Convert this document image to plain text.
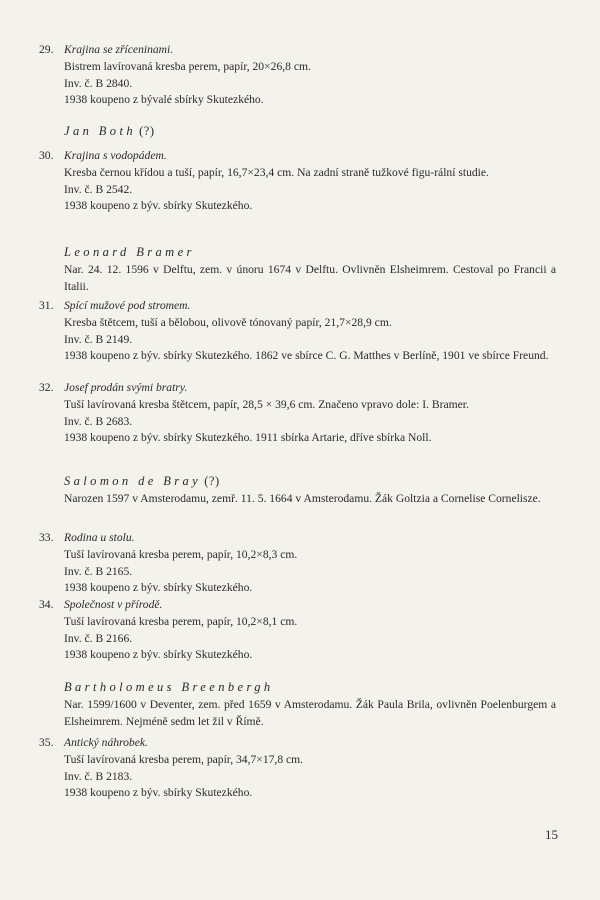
29. Krajina se zříceninami.
Bistrem lavírovaná kresba perem, papír, 20×26,8 cm.
Inv. č. B 2840.
1938 koupeno z bývalé sbírky Skutezkého.
Jan Both (?)
30. Krajina s vodopádem.
Kresba černou křídou a tuší, papír, 16,7×23,4 cm. Na zadní straně tužkové figu-rální studie.
Inv. č. B 2542.
1938 koupeno z býv. sbírky Skutezkého.
Leonard Bramer
Nar. 24. 12. 1596 v Delftu, zem. v únoru 1674 v Delftu. Ovlivněn Elsheimrem. Cestoval po Francii a Italii.
31. Spící mužové pod stromem.
Kresba štětcem, tuší a bělobou, olivově tónovaný papír, 21,7×28,9 cm.
Inv. č. B 2149.
1938 koupeno z býv. sbírky Skutezkého. 1862 ve sbírce C. G. Matthes v Berlíně, 1901 ve sbírce Freund.
32. Josef prodán svými bratry.
Tuší lavírovaná kresba štětcem, papír, 28,5 × 39,6 cm. Značeno vpravo dole: I. Bramer.
Inv. č. B 2683.
1938 koupeno z býv. sbírky Skutezkého. 1911 sbírka Artarie, dříve sbírka Noll.
Salomon de Bray (?)
Narozen 1597 v Amsterodamu, zemř. 11. 5. 1664 v Amsterodamu. Žák Goltzia a Cornelise Cornelisze.
33. Rodina u stolu.
Tuší lavírovaná kresba perem, papír, 10,2×8,3 cm.
Inv. č. B 2165.
1938 koupeno z býv. sbírky Skutezkého.
34. Společnost v přírodě.
Tuší lavírovaná kresba perem, papír, 10,2×8,1 cm.
Inv. č. B 2166.
1938 koupeno z býv. sbírky Skutezkého.
Bartholomeus Breenbergh
Nar. 1599/1600 v Deventer, zem. před 1659 v Amsterodamu. Žák Paula Brila, ovlivněn Poelenburgem a Elsheimrem. Nejméně sedm let žil v Římě.
35. Antický náhrobek.
Tuší lavírovaná kresba perem, papír, 34,7×17,8 cm.
Inv. č. B 2183.
1938 koupeno z býv. sbírky Skutezkého.
15
